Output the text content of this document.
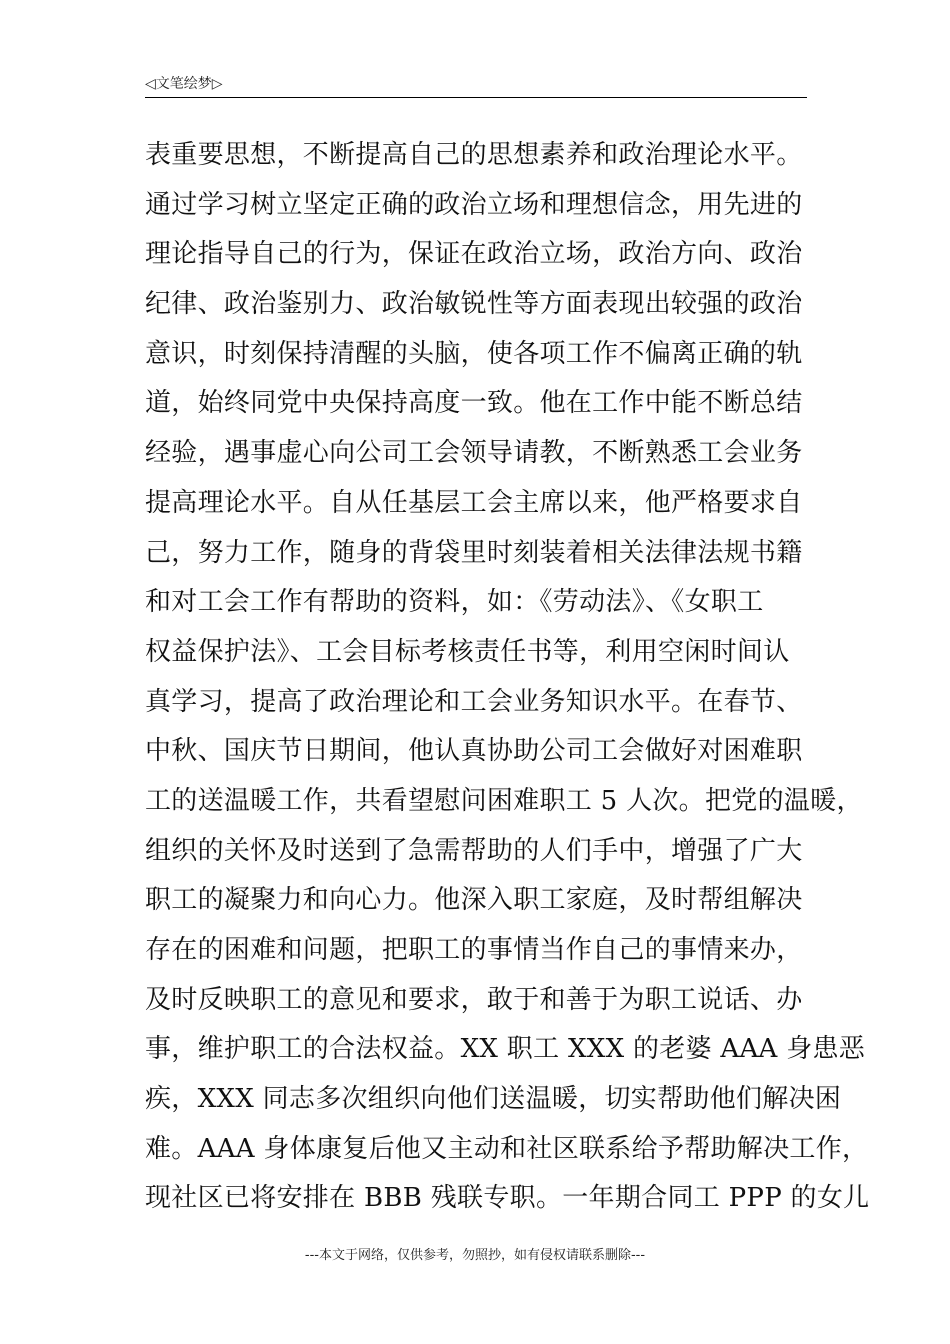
◁文笔绘梦▷
表重要思想，不断提高自己的思想素养和政治理论水平。
通过学习树立坚定正确的政治立场和理想信念，用先进的
理论指导自己的行为，保证在政治立场，政治方向、政治
纪律、政治鉴别力、政治敏锐性等方面表现出较强的政治
意识，时刻保持清醒的头脑，使各项工作不偏离正确的轨
道，始终同党中央保持高度一致。他在工作中能不断总结
经验，遇事虚心向公司工会领导请教，不断熟悉工会业务
提高理论水平。自从任基层工会主席以来，他严格要求自
己，努力工作，随身的背袋里时刻装着相关法律法规书籍
和对工会工作有帮助的资料，如：《劳动法》、《女职工
权益保护法》、工会目标考核责任书等，利用空闲时间认
真学习，提高了政治理论和工会业务知识水平。在春节、
中秋、国庆节日期间，他认真协助公司工会做好对困难职
工的送温暖工作，共看望慰问困难职工 5 人次。把党的温暖，
组织的关怀及时送到了急需帮助的人们手中，增强了广大
职工的凝聚力和向心力。他深入职工家庭，及时帮组解决
存在的困难和问题，把职工的事情当作自己的事情来办，
及时反映职工的意见和要求，敢于和善于为职工说话、办
事，维护职工的合法权益。XX 职工 XXX 的老婆 AAA 身患恶
疾，XXX 同志多次组织向他们送温暖，切实帮助他们解决困
难。AAA 身体康复后他又主动和社区联系给予帮助解决工作，
现社区已将安排在 BBB 残联专职。一年期合同工 PPP 的女儿
---本文于网络，仅供参考，勿照抄，如有侵权请联系删除---
